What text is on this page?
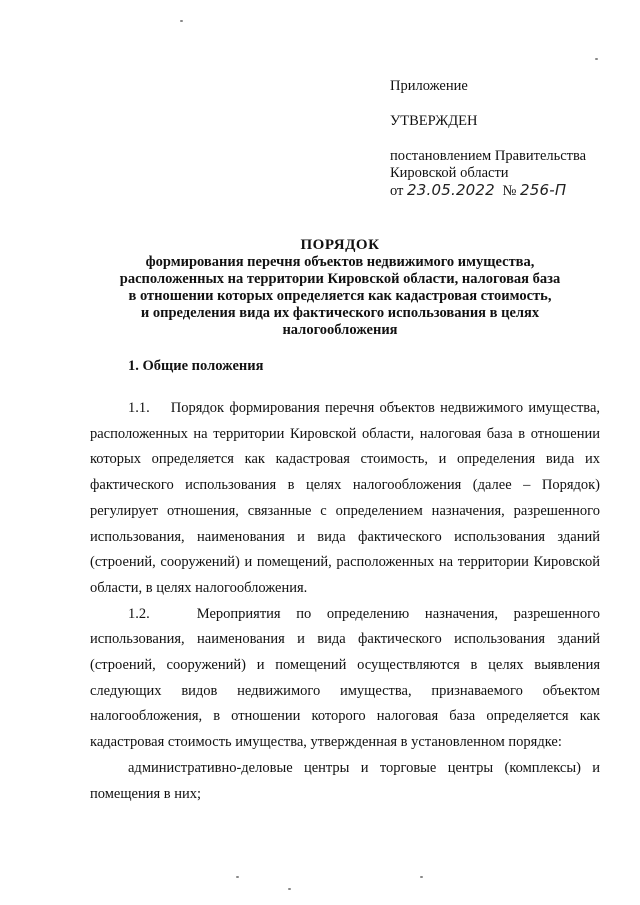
Приложение
УТВЕРЖДЕН
постановлением Правительства
Кировской области
от 23.05.2022 № 256-П
ПОРЯДОК
формирования перечня объектов недвижимого имущества,
расположенных на территории Кировской области, налоговая база
в отношении которых определяется как кадастровая стоимость,
и определения вида их фактического использования в целях
налогообложения
1. Общие положения

1.1.    Порядок формирования перечня объектов недвижимого имущества, расположенных на территории Кировской области, налоговая база в отношении которых определяется как кадастровая стоимость, и определения вида их фактического использования в целях налогообложения (далее – Порядок) регулирует отношения, связанные с определением назначения, разрешенного использования, наименования и вида фактического использования зданий (строений, сооружений) и помещений, расположенных на территории Кировской области, в целях налогообложения.

1.2.   Мероприятия по определению назначения, разрешенного использования, наименования и вида фактического использования зданий (строений, сооружений) и помещений осуществляются в целях выявления следующих видов недвижимого имущества, признаваемого объектом налогообложения, в отношении которого налоговая база определяется как кадастровая стоимость имущества, утвержденная в установленном порядке:

административно-деловые центры и торговые центры (комплексы) и помещения в них;
